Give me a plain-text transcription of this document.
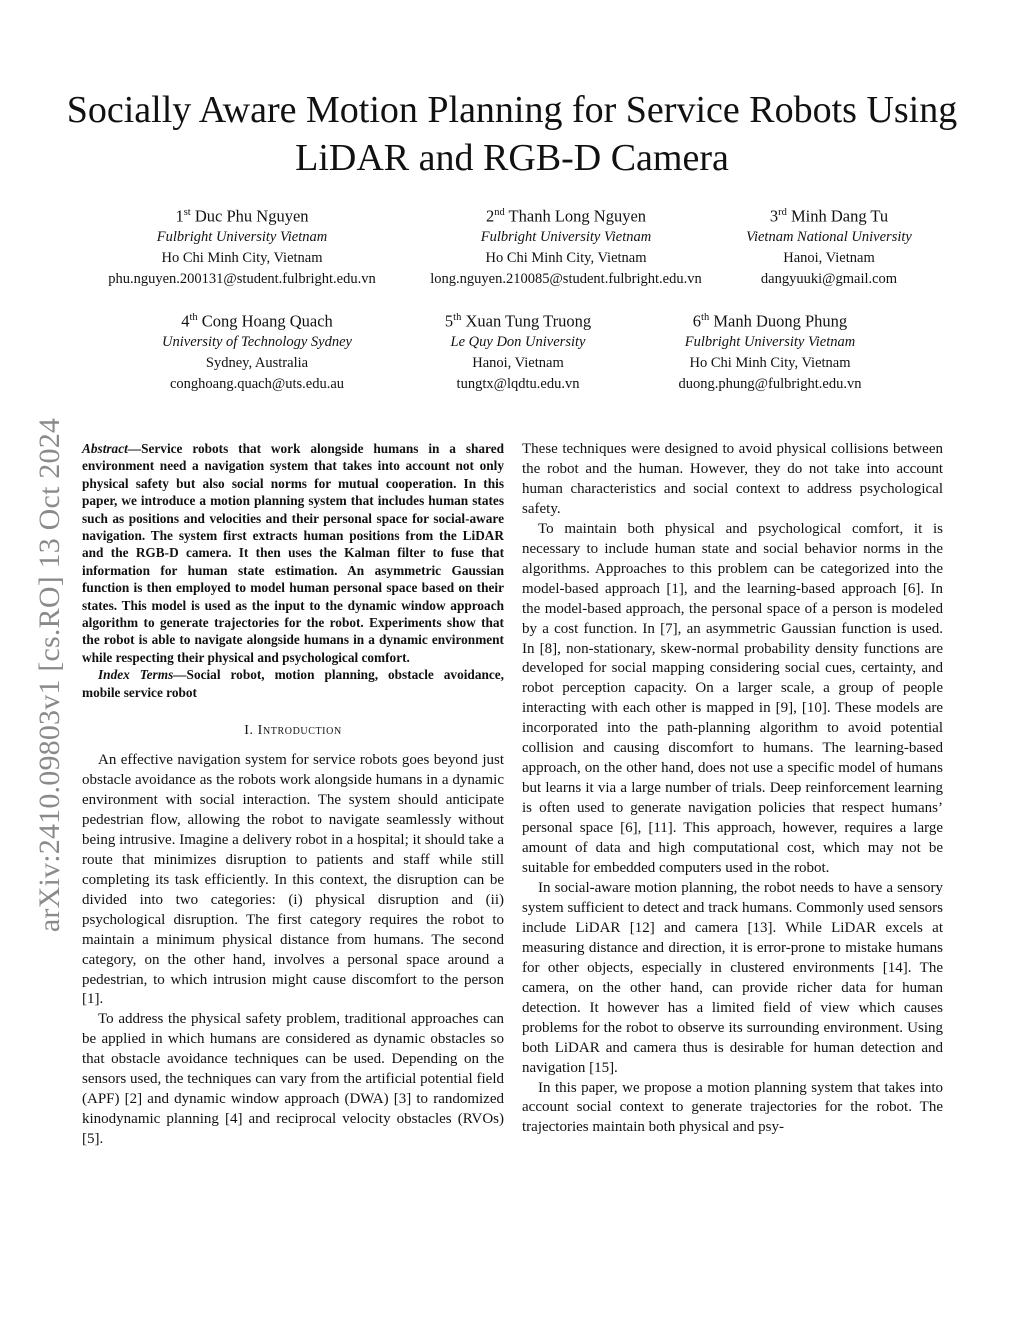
arXiv:2410.09803v1 [cs.RO] 13 Oct 2024
Socially Aware Motion Planning for Service Robots Using LiDAR and RGB-D Camera
1st Duc Phu Nguyen
Fulbright University Vietnam
Ho Chi Minh City, Vietnam
phu.nguyen.200131@student.fulbright.edu.vn
2nd Thanh Long Nguyen
Fulbright University Vietnam
Ho Chi Minh City, Vietnam
long.nguyen.210085@student.fulbright.edu.vn
3rd Minh Dang Tu
Vietnam National University
Hanoi, Vietnam
dangyuuki@gmail.com
4th Cong Hoang Quach
University of Technology Sydney
Sydney, Australia
conghoang.quach@uts.edu.au
5th Xuan Tung Truong
Le Quy Don University
Hanoi, Vietnam
tungtx@lqdtu.edu.vn
6th Manh Duong Phung
Fulbright University Vietnam
Ho Chi Minh City, Vietnam
duong.phung@fulbright.edu.vn

Abstract—Service robots that work alongside humans in a shared environment need a navigation system that takes into account not only physical safety but also social norms for mutual cooperation. In this paper, we introduce a motion planning system that includes human states such as positions and velocities and their personal space for social-aware navigation. The system first extracts human positions from the LiDAR and the RGB-D camera. It then uses the Kalman filter to fuse that information for human state estimation. An asymmetric Gaussian function is then employed to model human personal space based on their states. This model is used as the input to the dynamic window approach algorithm to generate trajectories for the robot. Experiments show that the robot is able to navigate alongside humans in a dynamic environment while respecting their physical and psychological comfort.

Index Terms—Social robot, motion planning, obstacle avoidance, mobile service robot

I. Introduction

An effective navigation system for service robots goes beyond just obstacle avoidance as the robots work alongside humans in a dynamic environment with social interaction. The system should anticipate pedestrian flow, allowing the robot to navigate seamlessly without being intrusive. Imagine a delivery robot in a hospital; it should take a route that minimizes disruption to patients and staff while still completing its task efficiently. In this context, the disruption can be divided into two categories: (i) physical disruption and (ii) psychological disruption. The first category requires the robot to maintain a minimum physical distance from humans. The second category, on the other hand, involves a personal space around a pedestrian, to which intrusion might cause discomfort to the person [1].

To address the physical safety problem, traditional approaches can be applied in which humans are considered as dynamic obstacles so that obstacle avoidance techniques can be used. Depending on the sensors used, the techniques can vary from the artificial potential field (APF) [2] and dynamic window approach (DWA) [3] to randomized kinodynamic planning [4] and reciprocal velocity obstacles (RVOs) [5].

These techniques were designed to avoid physical collisions between the robot and the human. However, they do not take into account human characteristics and social context to address psychological safety.

To maintain both physical and psychological comfort, it is necessary to include human state and social behavior norms in the algorithms. Approaches to this problem can be categorized into the model-based approach [1], and the learning-based approach [6]. In the model-based approach, the personal space of a person is modeled by a cost function. In [7], an asymmetric Gaussian function is used. In [8], non-stationary, skew-normal probability density functions are developed for social mapping considering social cues, certainty, and robot perception capacity. On a larger scale, a group of people interacting with each other is mapped in [9], [10]. These models are incorporated into the path-planning algorithm to avoid potential collision and causing discomfort to humans. The learning-based approach, on the other hand, does not use a specific model of humans but learns it via a large number of trials. Deep reinforcement learning is often used to generate navigation policies that respect humans’ personal space [6], [11]. This approach, however, requires a large amount of data and high computational cost, which may not be suitable for embedded computers used in the robot.

In social-aware motion planning, the robot needs to have a sensory system sufficient to detect and track humans. Commonly used sensors include LiDAR [12] and camera [13]. While LiDAR excels at measuring distance and direction, it is error-prone to mistake humans for other objects, especially in clustered environments [14]. The camera, on the other hand, can provide richer data for human detection. It however has a limited field of view which causes problems for the robot to observe its surrounding environment. Using both LiDAR and camera thus is desirable for human detection and navigation [15].

In this paper, we propose a motion planning system that takes into account social context to generate trajectories for the robot. The trajectories maintain both physical and psy-
